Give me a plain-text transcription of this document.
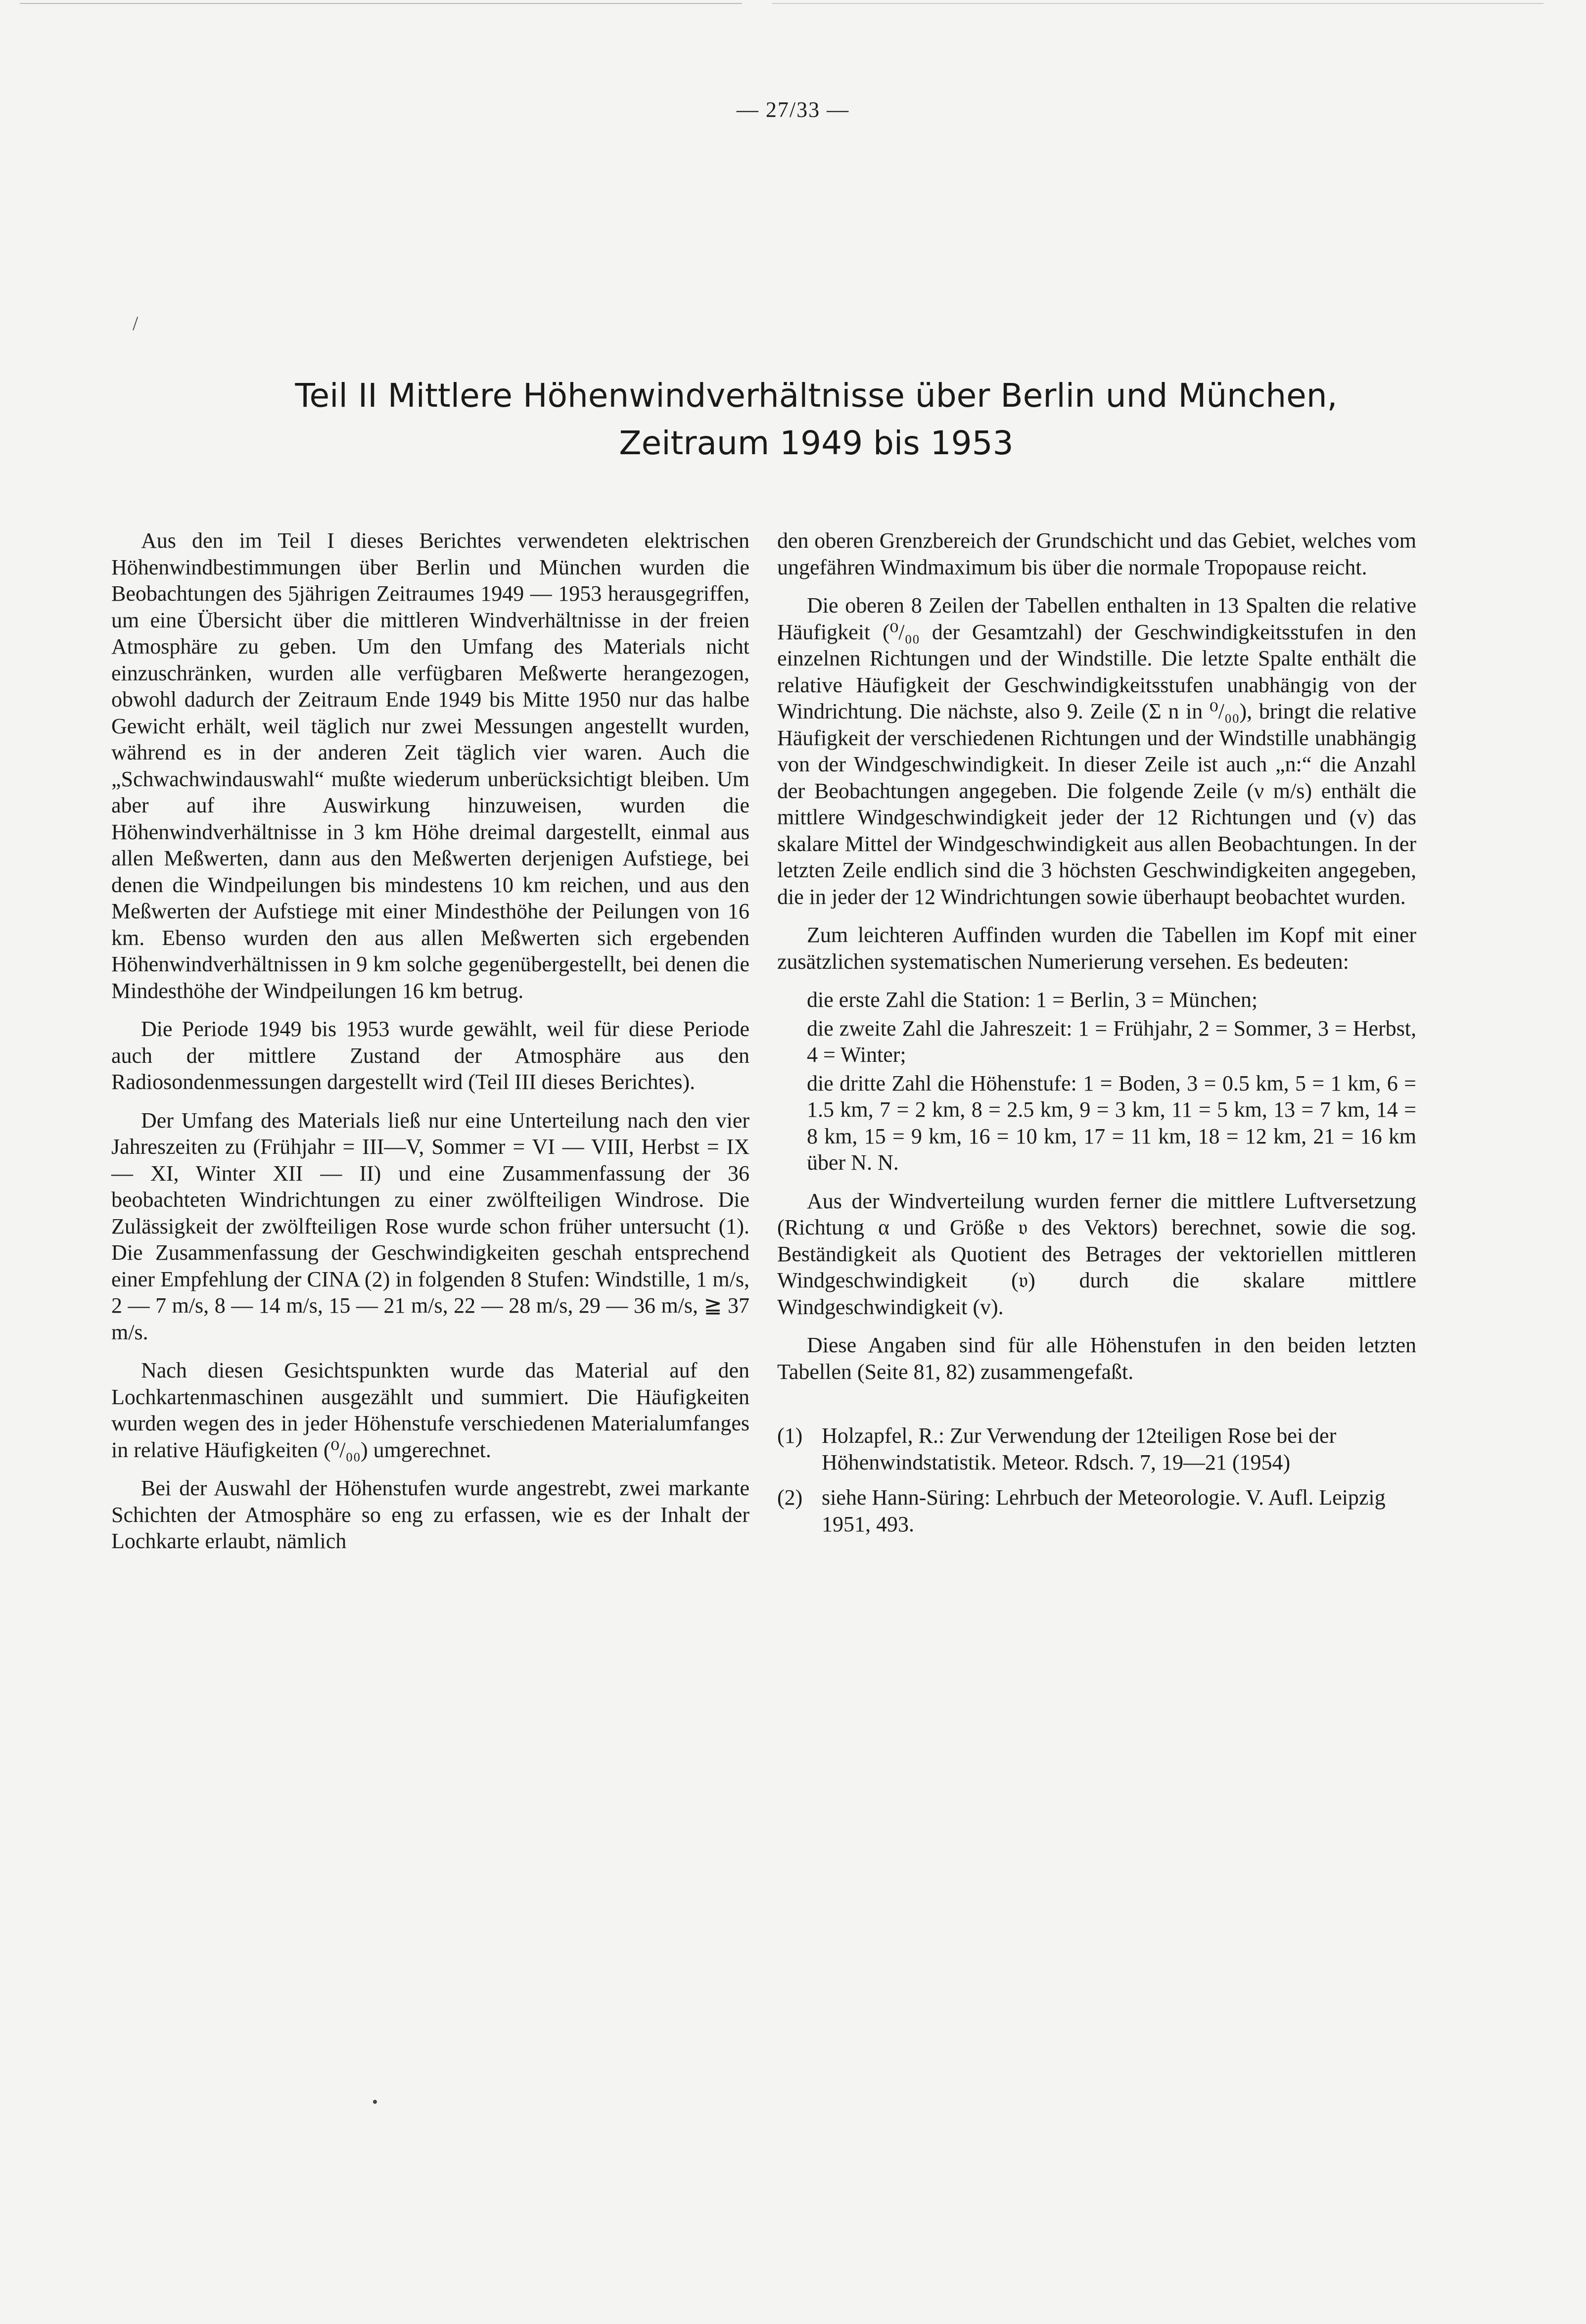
— 27/33 —
/
Teil II Mittlere Höhenwindverhältnisse über Berlin und München,
Zeitraum 1949 bis 1953

Aus den im Teil I dieses Berichtes verwendeten elektrischen Höhenwindbestimmungen über Berlin und München wurden die Beobachtungen des 5jährigen Zeitraumes 1949 — 1953 herausgegriffen, um eine Übersicht über die mittleren Windverhältnisse in der freien Atmosphäre zu geben. Um den Umfang des Materials nicht einzuschränken, wurden alle verfügbaren Meßwerte herangezogen, obwohl dadurch der Zeitraum Ende 1949 bis Mitte 1950 nur das halbe Gewicht erhält, weil täglich nur zwei Messungen angestellt wurden, während es in der anderen Zeit täglich vier waren. Auch die „Schwachwindauswahl“ mußte wiederum unberücksichtigt bleiben. Um aber auf ihre Auswirkung hinzuweisen, wurden die Höhenwindverhältnisse in 3 km Höhe dreimal dargestellt, einmal aus allen Meßwerten, dann aus den Meßwerten derjenigen Aufstiege, bei denen die Windpeilungen bis mindestens 10 km reichen, und aus den Meßwerten der Aufstiege mit einer Mindesthöhe der Peilungen von 16 km. Ebenso wurden den aus allen Meßwerten sich ergebenden Höhenwindverhältnissen in 9 km solche gegenübergestellt, bei denen die Mindesthöhe der Windpeilungen 16 km betrug.

Die Periode 1949 bis 1953 wurde gewählt, weil für diese Periode auch der mittlere Zustand der Atmosphäre aus den Radiosondenmessungen dargestellt wird (Teil III dieses Berichtes).

Der Umfang des Materials ließ nur eine Unterteilung nach den vier Jahreszeiten zu (Frühjahr = III—V, Sommer = VI — VIII, Herbst = IX — XI, Winter XII — II) und eine Zusammenfassung der 36 beobachteten Windrichtungen zu einer zwölfteiligen Windrose. Die Zulässigkeit der zwölfteiligen Rose wurde schon früher untersucht (1). Die Zusammenfassung der Geschwindigkeiten geschah entsprechend einer Empfehlung der CINA (2) in folgenden 8 Stufen: Windstille, 1 m/s, 2 — 7 m/s, 8 — 14 m/s, 15 — 21 m/s, 22 — 28 m/s, 29 — 36 m/s, ≧ 37 m/s.

Nach diesen Gesichtspunkten wurde das Material auf den Lochkartenmaschinen ausgezählt und summiert. Die Häufigkeiten wurden wegen des in jeder Höhenstufe verschiedenen Materialumfanges in relative Häufigkeiten (⁰/₀₀) umgerechnet.

Bei der Auswahl der Höhenstufen wurde angestrebt, zwei markante Schichten der Atmosphäre so eng zu erfassen, wie es der Inhalt der Lochkarte erlaubt, nämlich

den oberen Grenzbereich der Grundschicht und das Gebiet, welches vom ungefähren Windmaximum bis über die normale Tropopause reicht.

Die oberen 8 Zeilen der Tabellen enthalten in 13 Spalten die relative Häufigkeit (⁰/₀₀ der Gesamtzahl) der Geschwindigkeitsstufen in den einzelnen Richtungen und der Windstille. Die letzte Spalte enthält die relative Häufigkeit der Geschwindigkeitsstufen unabhängig von der Windrichtung. Die nächste, also 9. Zeile (Σ n in ⁰/₀₀), bringt die relative Häufigkeit der verschiedenen Richtungen und der Windstille unabhängig von der Windgeschwindigkeit. In dieser Zeile ist auch „n:“ die Anzahl der Beobachtungen angegeben. Die folgende Zeile (ν m/s) enthält die mittlere Windgeschwindigkeit jeder der 12 Richtungen und (v) das skalare Mittel der Windgeschwindigkeit aus allen Beobachtungen. In der letzten Zeile endlich sind die 3 höchsten Geschwindigkeiten angegeben, die in jeder der 12 Windrichtungen sowie überhaupt beobachtet wurden.

Zum leichteren Auffinden wurden die Tabellen im Kopf mit einer zusätzlichen systematischen Numerierung versehen. Es bedeuten:

die erste Zahl die Station: 1 = Berlin, 3 = München;

die zweite Zahl die Jahreszeit: 1 = Frühjahr, 2 = Sommer, 3 = Herbst, 4 = Winter;

die dritte Zahl die Höhenstufe: 1 = Boden, 3 = 0.5 km, 5 = 1 km, 6 = 1.5 km, 7 = 2 km, 8 = 2.5 km, 9 = 3 km, 11 = 5 km, 13 = 7 km, 14 = 8 km, 15 = 9 km, 16 = 10 km, 17 = 11 km, 18 = 12 km, 21 = 16 km über N. N.

Aus der Windverteilung wurden ferner die mittlere Luftversetzung (Richtung α und Größe 𝔳 des Vektors) berechnet, sowie die sog. Beständigkeit als Quotient des Betrages der vektoriellen mittleren Windgeschwindigkeit (𝔳) durch die skalare mittlere Windgeschwindigkeit (v).

Diese Angaben sind für alle Höhenstufen in den beiden letzten Tabellen (Seite 81, 82) zusammengefaßt.

(1) Holzapfel, R.: Zur Verwendung der 12teiligen Rose bei der Höhenwindstatistik. Meteor. Rdsch. 7, 19—21 (1954)
(2) siehe Hann-Süring: Lehrbuch der Meteorologie. V. Aufl. Leipzig 1951, 493.
•
